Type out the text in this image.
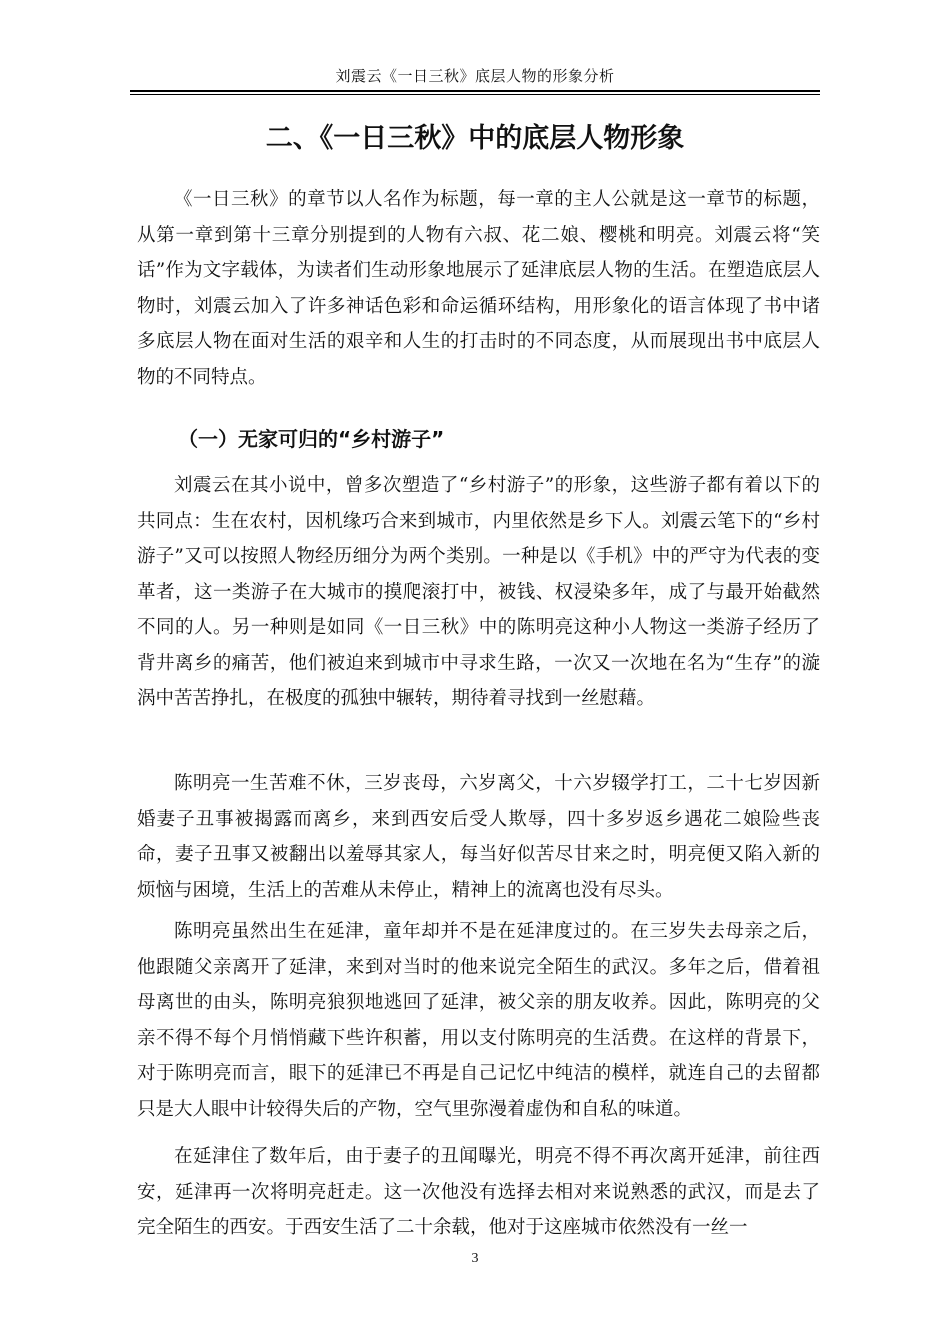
刘震云《一日三秋》底层人物的形象分析
二、《一日三秋》中的底层人物形象

《一日三秋》的章节以人名作为标题，每一章的主人公就是这一章节的标题，从第一章到第十三章分别提到的人物有六叔、花二娘、樱桃和明亮。刘震云将“笑话”作为文字载体，为读者们生动形象地展示了延津底层人物的生活。在塑造底层人物时，刘震云加入了许多神话色彩和命运循环结构，用形象化的语言体现了书中诸多底层人物在面对生活的艰辛和人生的打击时的不同态度，从而展现出书中底层人物的不同特点。

（一）无家可归的“乡村游子”

刘震云在其小说中，曾多次塑造了“乡村游子”的形象，这些游子都有着以下的共同点：生在农村，因机缘巧合来到城市，内里依然是乡下人。刘震云笔下的“乡村游子”又可以按照人物经历细分为两个类别。一种是以《手机》中的严守为代表的变革者，这一类游子在大城市的摸爬滚打中，被钱、权浸染多年，成了与最开始截然不同的人。另一种则是如同《一日三秋》中的陈明亮这种小人物这一类游子经历了背井离乡的痛苦，他们被迫来到城市中寻求生路，一次又一次地在名为“生存”的漩涡中苦苦挣扎，在极度的孤独中辗转，期待着寻找到一丝慰藉。

陈明亮一生苦难不休，三岁丧母，六岁离父，十六岁辍学打工，二十七岁因新婚妻子丑事被揭露而离乡，来到西安后受人欺辱，四十多岁返乡遇花二娘险些丧命，妻子丑事又被翻出以羞辱其家人，每当好似苦尽甘来之时，明亮便又陷入新的烦恼与困境，生活上的苦难从未停止，精神上的流离也没有尽头。

陈明亮虽然出生在延津，童年却并不是在延津度过的。在三岁失去母亲之后，他跟随父亲离开了延津，来到对当时的他来说完全陌生的武汉。多年之后，借着祖母离世的由头，陈明亮狼狈地逃回了延津，被父亲的朋友收养。因此，陈明亮的父亲不得不每个月悄悄藏下些许积蓄，用以支付陈明亮的生活费。在这样的背景下，对于陈明亮而言，眼下的延津已不再是自己记忆中纯洁的模样，就连自己的去留都只是大人眼中计较得失后的产物，空气里弥漫着虚伪和自私的味道。

在延津住了数年后，由于妻子的丑闻曝光，明亮不得不再次离开延津，前往西安，延津再一次将明亮赶走。这一次他没有选择去相对来说熟悉的武汉，而是去了完全陌生的西安。于西安生活了二十余载，他对于这座城市依然没有一丝一

3
